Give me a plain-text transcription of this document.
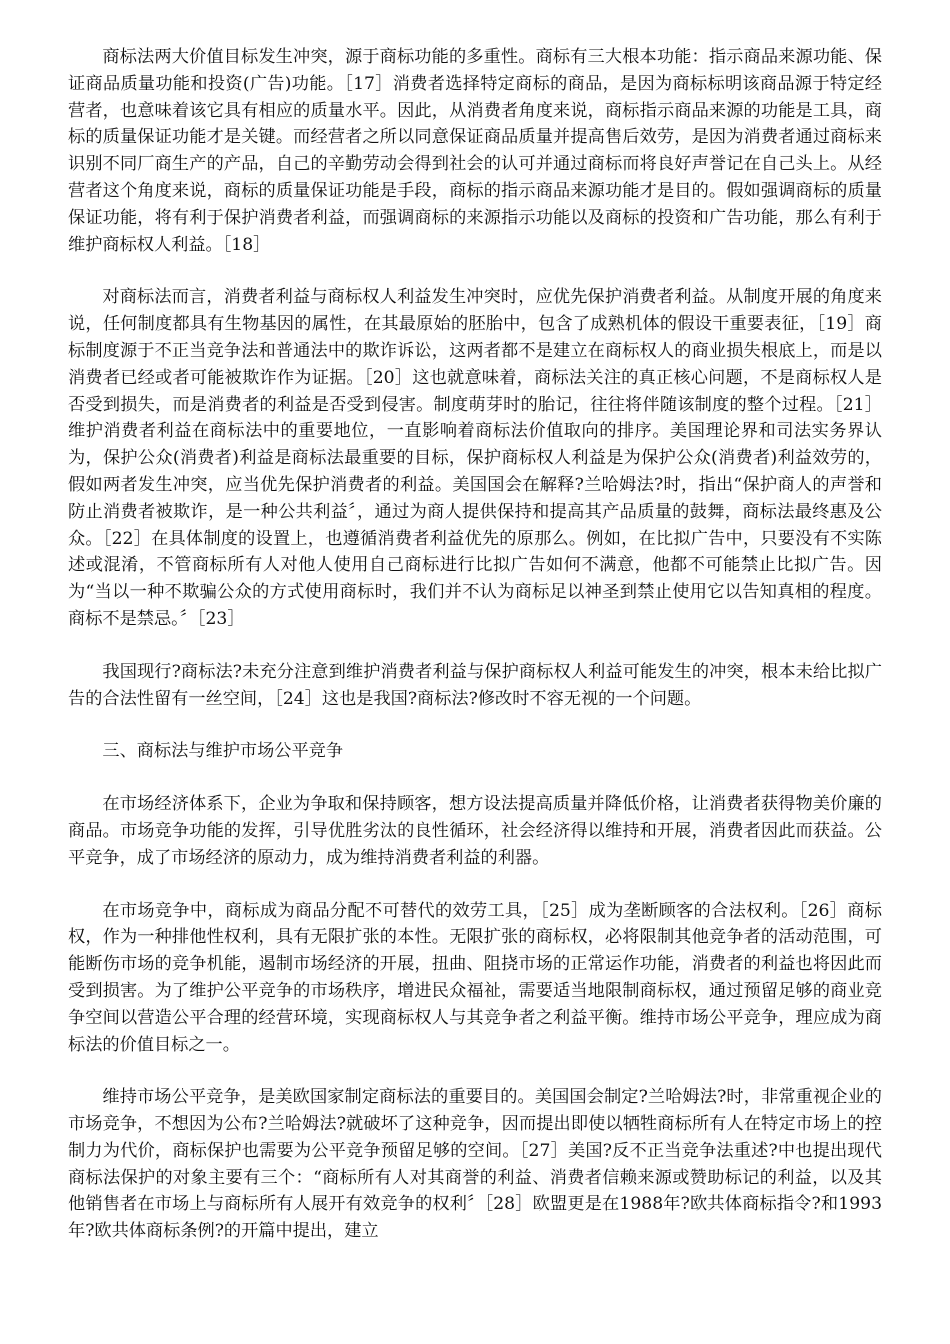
商标法两大价值目标发生冲突，源于商标功能的多重性。商标有三大根本功能：指示商品来源功能、保证商品质量功能和投资(广告)功能。［17］消费者选择特定商标的商品，是因为商标标明该商品源于特定经营者，也意味着该它具有相应的质量水平。因此，从消费者角度来说，商标指示商品来源的功能是工具，商标的质量保证功能才是关键。而经营者之所以同意保证商品质量并提高售后效劳，是因为消费者通过商标来识别不同厂商生产的产品，自己的辛勤劳动会得到社会的认可并通过商标而将良好声誉记在自己头上。从经营者这个角度来说，商标的质量保证功能是手段，商标的指示商品来源功能才是目的。假如强调商标的质量保证功能，将有利于保护消费者利益，而强调商标的来源指示功能以及商标的投资和广告功能，那么有利于维护商标权人利益。［18］

对商标法而言，消费者利益与商标权人利益发生冲突时，应优先保护消费者利益。从制度开展的角度来说，任何制度都具有生物基因的属性，在其最原始的胚胎中，包含了成熟机体的假设干重要表征，［19］商标制度源于不正当竞争法和普通法中的欺诈诉讼，这两者都不是建立在商标权人的商业损失根底上，而是以消费者已经或者可能被欺诈作为证据。［20］这也就意味着，商标法关注的真正核心问题，不是商标权人是否受到损失，而是消费者的利益是否受到侵害。制度萌芽时的胎记，往往将伴随该制度的整个过程。［21］维护消费者利益在商标法中的重要地位，一直影响着商标法价值取向的排序。美国理论界和司法实务界认为，保护公众(消费者)利益是商标法最重要的目标，保护商标权人利益是为保护公众(消费者)利益效劳的，假如两者发生冲突，应当优先保护消费者的利益。美国国会在解释?兰哈姆法?时，指出“保护商人的声誉和防止消费者被欺诈，是一种公共利益〞，通过为商人提供保持和提高其产品质量的鼓舞，商标法最终惠及公众。［22］在具体制度的设置上，也遵循消费者利益优先的原那么。例如，在比拟广告中，只要没有不实陈述或混淆，不管商标所有人对他人使用自己商标进行比拟广告如何不满意，他都不可能禁止比拟广告。因为“当以一种不欺骗公众的方式使用商标时，我们并不认为商标足以神圣到禁止使用它以告知真相的程度。商标不是禁忌。〞［23］

我国现行?商标法?未充分注意到维护消费者利益与保护商标权人利益可能发生的冲突，根本未给比拟广告的合法性留有一丝空间，［24］这也是我国?商标法?修改时不容无视的一个问题。

三、商标法与维护市场公平竞争

在市场经济体系下，企业为争取和保持顾客，想方设法提高质量并降低价格，让消费者获得物美价廉的商品。市场竞争功能的发挥，引导优胜劣汰的良性循环，社会经济得以维持和开展，消费者因此而获益。公平竞争，成了市场经济的原动力，成为维持消费者利益的利器。

在市场竞争中，商标成为商品分配不可替代的效劳工具，［25］成为垄断顾客的合法权利。［26］商标权，作为一种排他性权利，具有无限扩张的本性。无限扩张的商标权，必将限制其他竞争者的活动范围，可能断伤市场的竞争机能，遏制市场经济的开展，扭曲、阻挠市场的正常运作功能，消费者的利益也将因此而受到损害。为了维护公平竞争的市场秩序，增进民众福祉，需要适当地限制商标权，通过预留足够的商业竞争空间以营造公平合理的经营环境，实现商标权人与其竞争者之利益平衡。维持市场公平竞争，理应成为商标法的价值目标之一。

维持市场公平竞争，是美欧国家制定商标法的重要目的。美国国会制定?兰哈姆法?时，非常重视企业的市场竞争，不想因为公布?兰哈姆法?就破坏了这种竞争，因而提出即使以牺牲商标所有人在特定市场上的控制力为代价，商标保护也需要为公平竞争预留足够的空间。［27］美国?反不正当竞争法重述?中也提出现代商标法保护的对象主要有三个：“商标所有人对其商誉的利益、消费者信赖来源或赞助标记的利益，以及其他销售者在市场上与商标所有人展开有效竞争的权利〞［28］欧盟更是在1988年?欧共体商标指令?和1993年?欧共体商标条例?的开篇中提出，建立
